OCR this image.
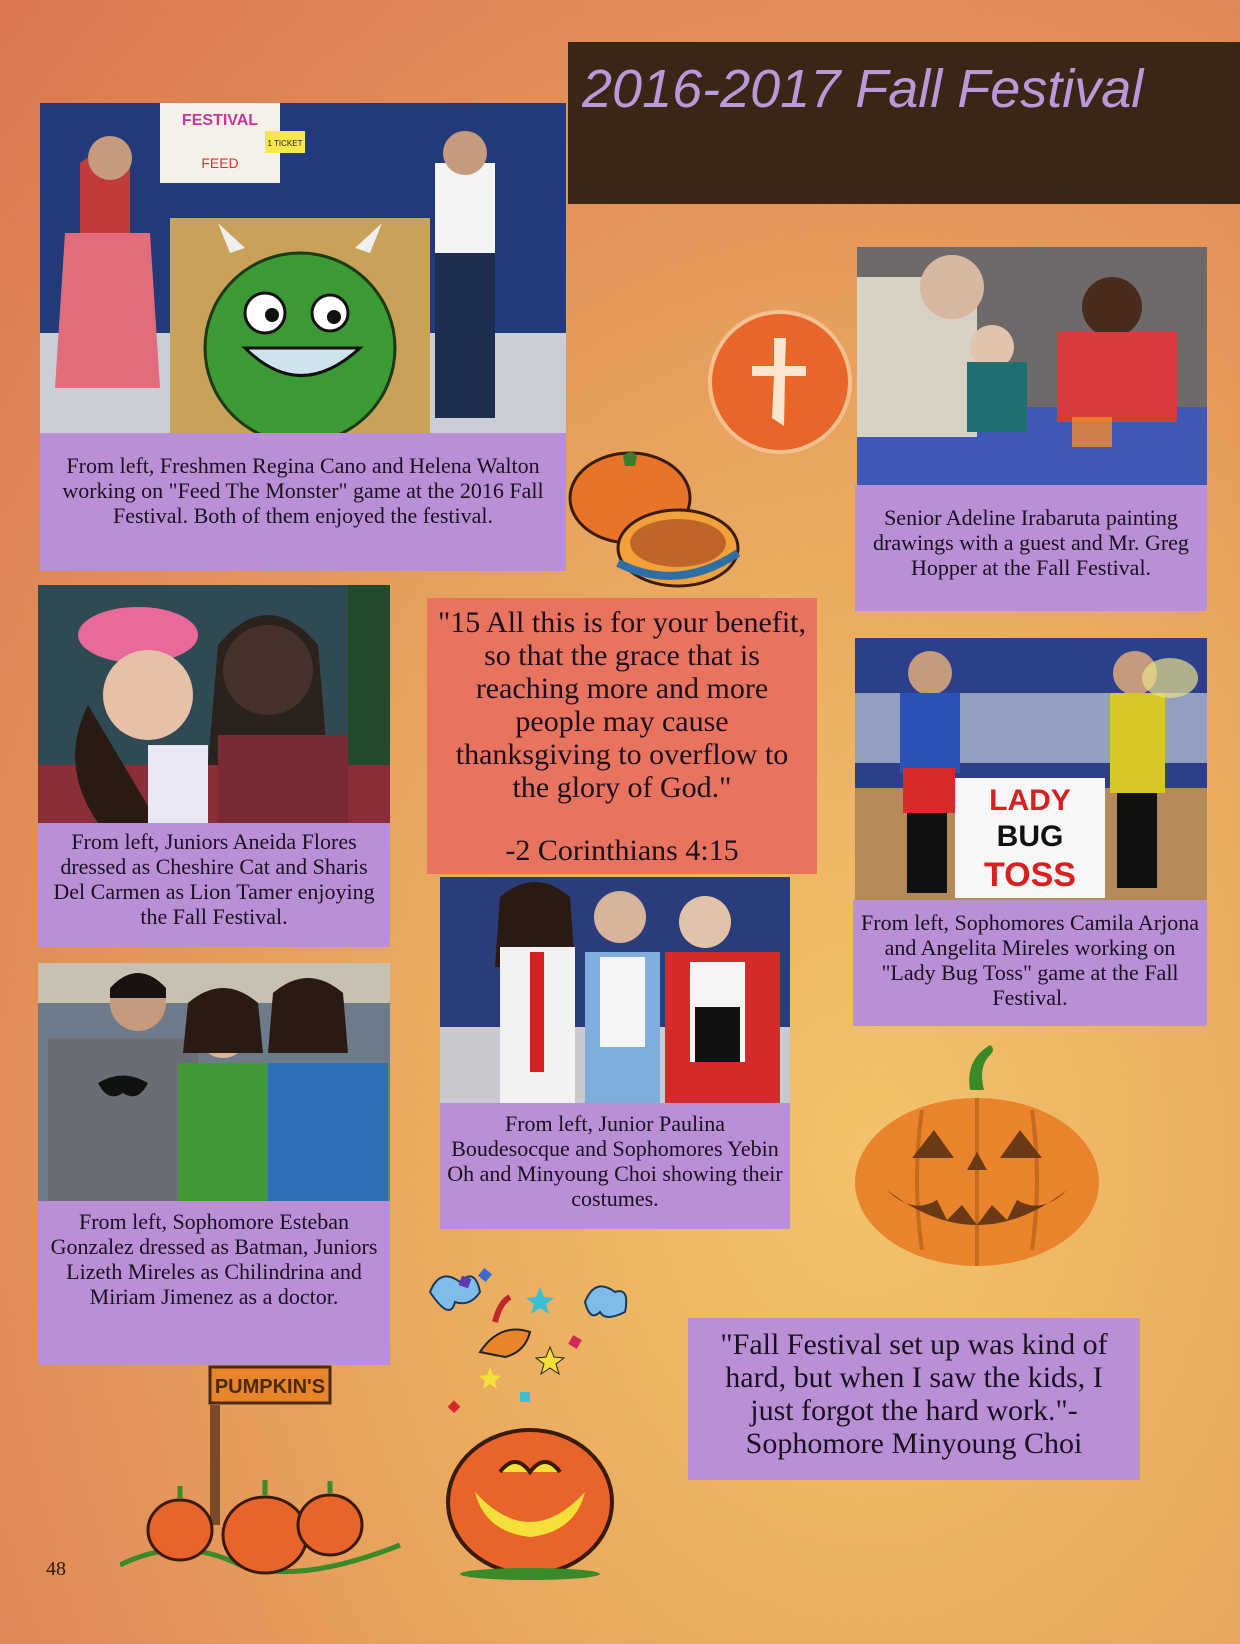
2016-2017 Fall Festival
FESTIVAL
FEED
1 TICKET
From left, Freshmen Regina Cano and Helena Walton working on "Feed The Monster" game at the 2016 Fall Festival. Both of them enjoyed the festival.	Senior Adeline Irabaruta painting drawings with a guest and Mr. Greg Hopper at the Fall Festival.
From left, Juniors Aneida Flores dressed as Cheshire Cat and Sharis Del Carmen as Lion Tamer enjoying the Fall Festival.
"15 All this is for your benefit, so that the grace that is reaching more and more people may cause thanksgiving to overflow to the glory of God."
-2 Corinthians 4:15
LADY
BUG
TOSS
From left, Sophomores Camila Arjona and Angelita Mireles working on "Lady Bug Toss" game at the Fall Festival.
From left, Junior Paulina Boudesocque and Sophomores Yebin Oh and Minyoung Choi showing their costumes.
From left, Sophomore Esteban Gonzalez dressed as Batman, Juniors Lizeth Mireles as Chilindrina and Miriam Jimenez as a doctor.
"Fall Festival set up was kind of hard, but when I saw the kids, I just forgot the hard work."- Sophomore Minyoung Choi
PUMPKIN'S
48
